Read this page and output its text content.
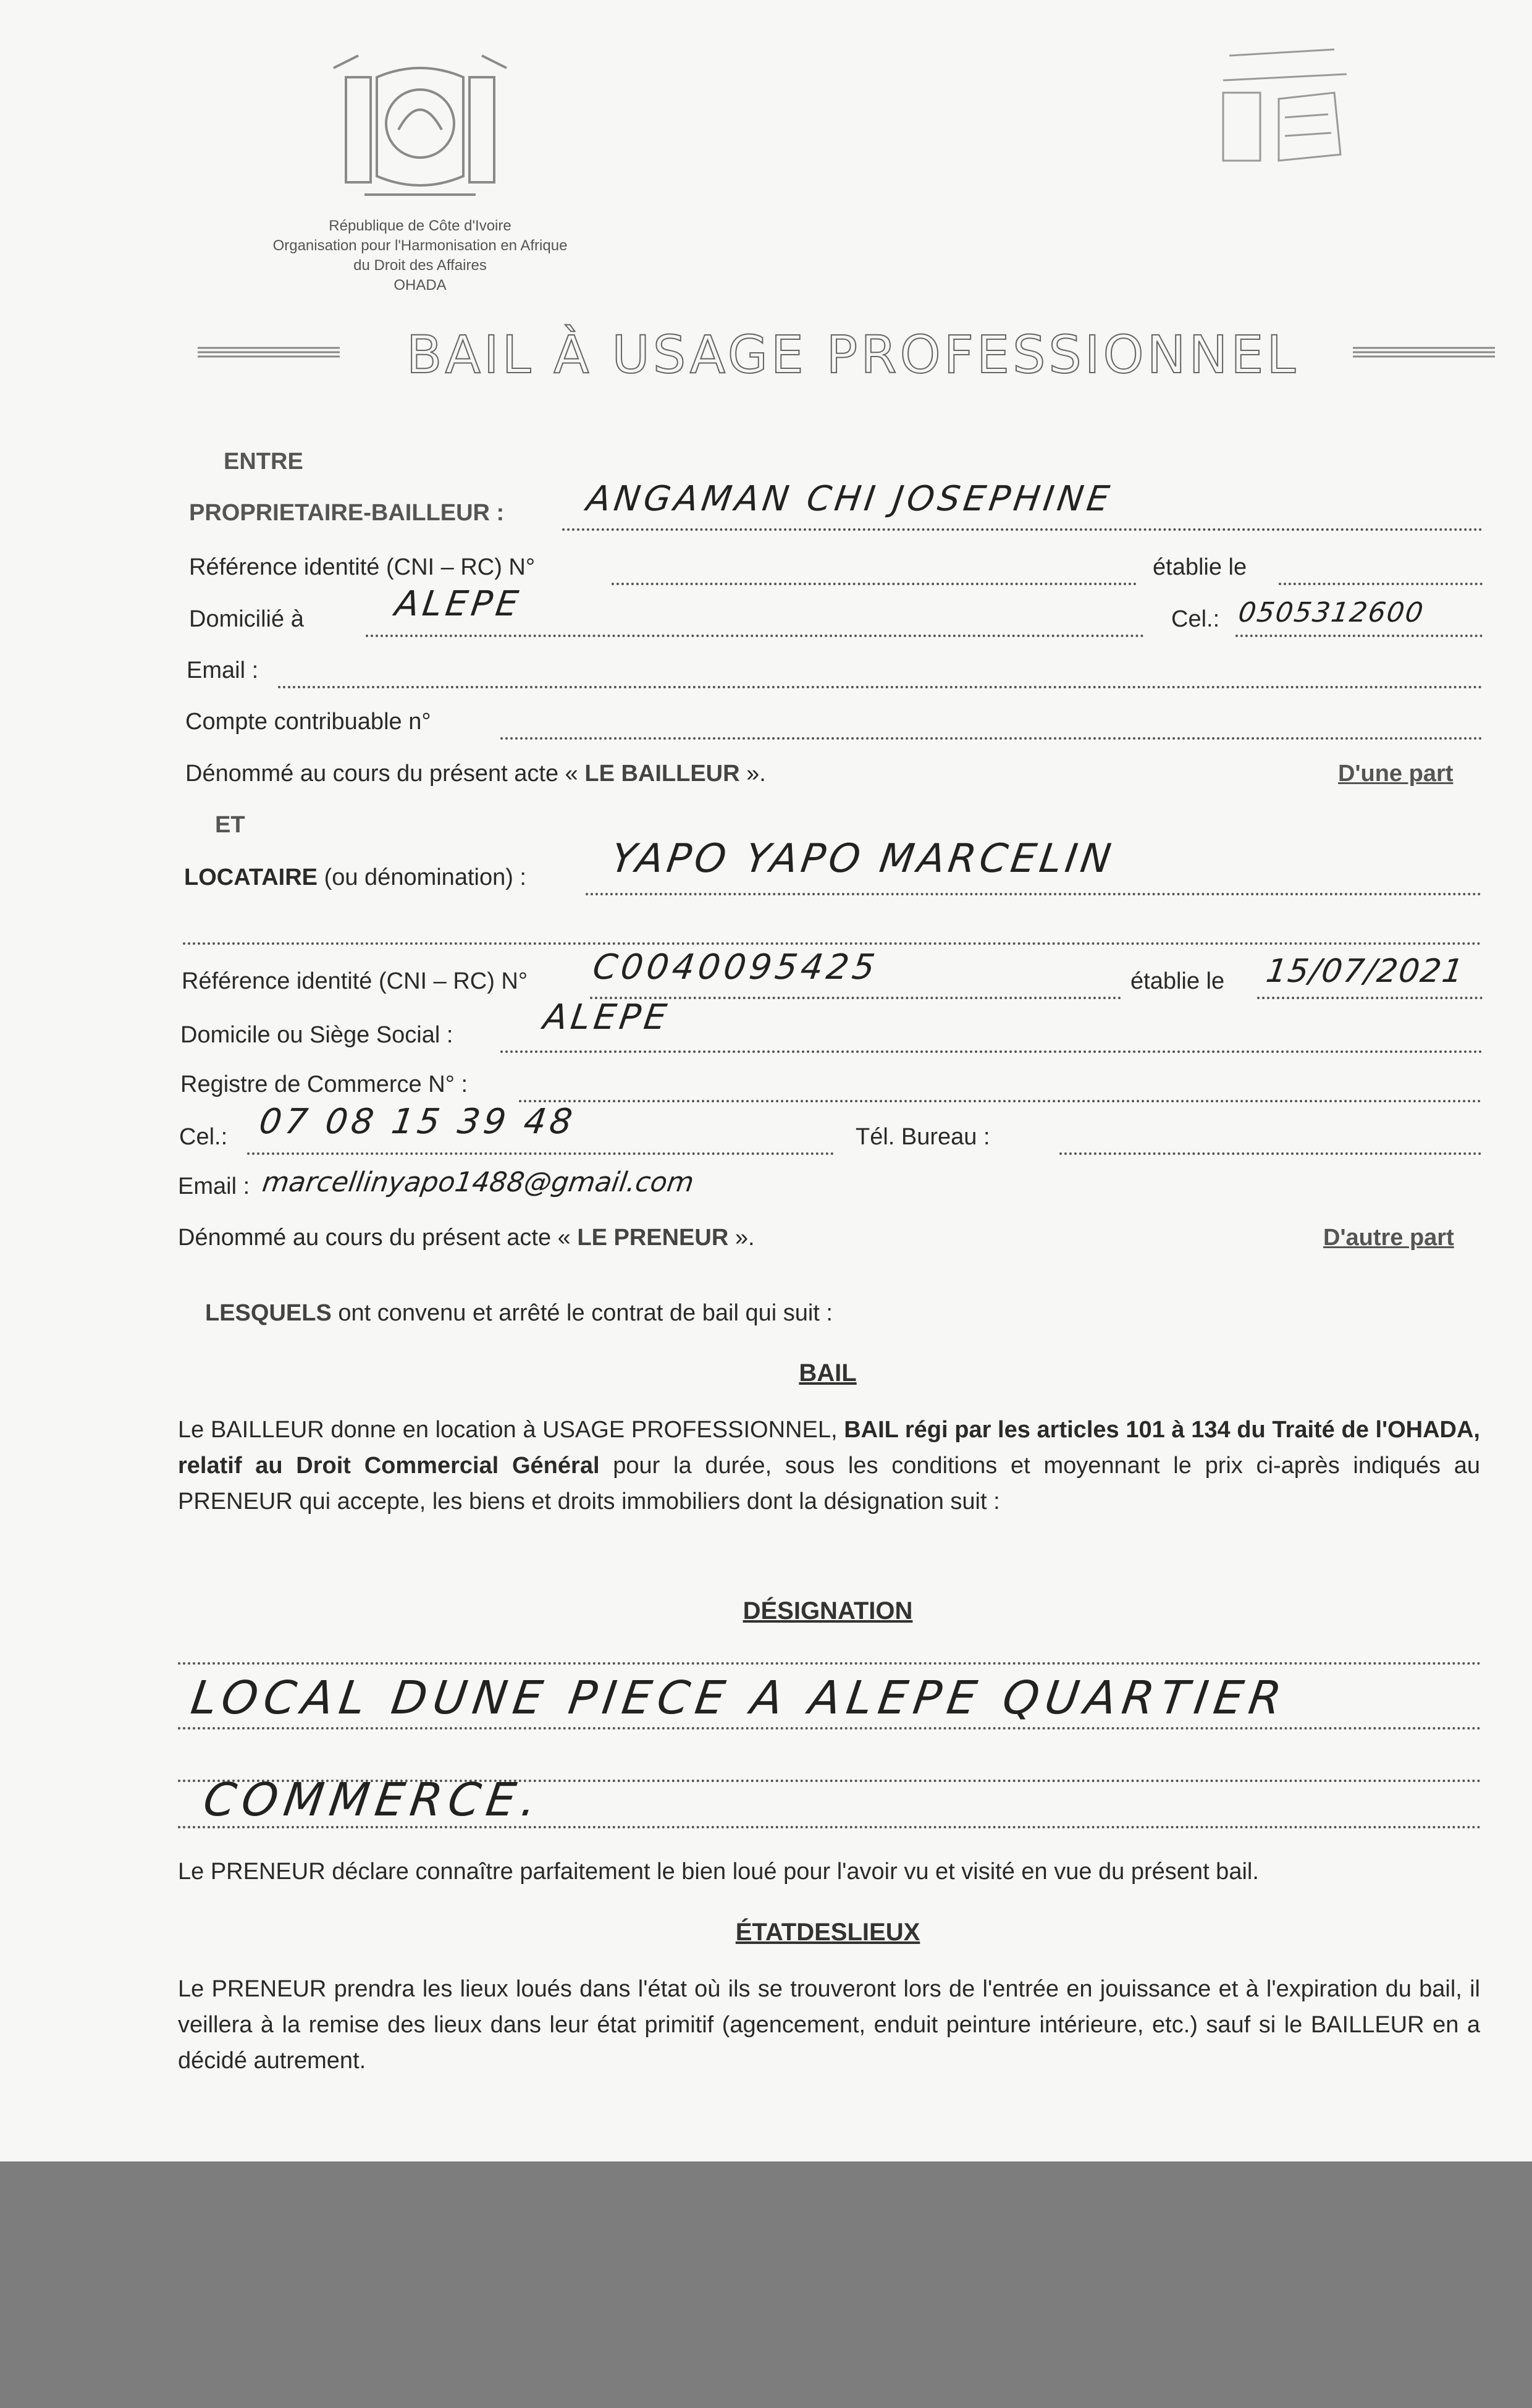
République de Côte d'Ivoire
Organisation pour l'Harmonisation en Afrique
du Droit des Affaires
OHADA
BAIL À USAGE PROFESSIONNEL
ENTRE
PROPRIETAIRE-BAILLEUR : ANGAMAN CHI JOSEPHINE
Référence identité (CNI – RC) N°	établie le
Domicilié à	ALEPE	Cel.: 0505312600
Email :
Compte contribuable n°
Dénommé au cours du présent acte « LE BAILLEUR ».	D'une part
ET
LOCATAIRE (ou dénomination) : YAPO YAPO MARCELIN
Référence identité (CNI – RC) N° C0040095425	établie le 15/07/2021
Domicile ou Siège Social :	ALEPE
Registre de Commerce N° :
Cel.: 07 08 15 39 48	Tél. Bureau :
Email : marcellinyapo1488@gmail.com
Dénommé au cours du présent acte « LE PRENEUR ».	D'autre part
LESQUELS ont convenu et arrêté le contrat de bail qui suit :
BAIL
Le BAILLEUR donne en location à USAGE PROFESSIONNEL, BAIL régi par les articles 101 à 134 du Traité de l'OHADA, relatif au Droit Commercial Général pour la durée, sous les conditions et moyennant le prix ci-après indiqués au PRENEUR qui accepte, les biens et droits immobiliers dont la désignation suit :
DÉSIGNATION
LOCAL DUNE PIECE A ALEPE QUARTIER
COMMERCE.
Le PRENEUR déclare connaître parfaitement le bien loué pour l'avoir vu et visité en vue du présent bail.
ÉTATDESLIEUX
Le PRENEUR prendra les lieux loués dans l'état où ils se trouveront lors de l'entrée en jouissance et à l'expiration du bail, il veillera à la remise des lieux dans leur état primitif (agencement, enduit peinture intérieure, etc.) sauf si le BAILLEUR en a décidé autrement.
